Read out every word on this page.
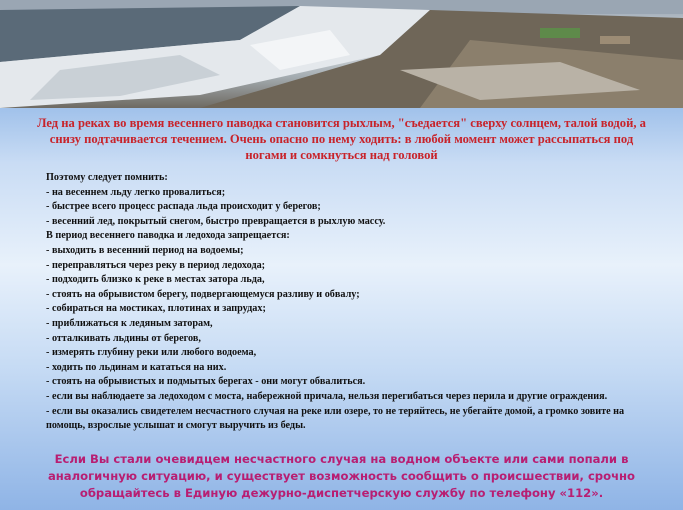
Лед на реках во время весеннего паводка становится рыхлым, "съедается" сверху солнцем, талой водой, а снизу подтачивается течением. Очень опасно по нему ходить: в любой момент может рассыпаться под ногами и сомкнуться над головой
Поэтому следует помнить:
- на весеннем льду легко провалиться;
- быстрее всего процесс распада льда происходит у берегов;
- весенний лед, покрытый снегом, быстро превращается в рыхлую массу.
В период весеннего паводка и ледохода запрещается:
- выходить в весенний период на водоемы;
- переправляться через реку в период ледохода;
- подходить близко к реке в местах затора льда,
- стоять на обрывистом берегу, подвергающемуся разливу и обвалу;
- собираться на мостиках, плотинах и запрудах;
- приближаться к ледяным заторам,
- отталкивать льдины от берегов,
- измерять глубину реки или любого водоема,
- ходить по льдинам и кататься на них.
- стоять на обрывистых и подмытых берегах - они могут обвалиться.
- если вы наблюдаете за ледоходом с моста, набережной причала, нельзя перегибаться через перила и другие ограждения.
- если вы оказались свидетелем несчастного случая на реке или озере, то не теряйтесь, не убегайте домой, а громко зовите на помощь, взрослые услышат и смогут выручить из беды.
Если Вы стали очевидцем несчастного случая на водном объекте или сами попали в аналогичную ситуацию, и существует возможность сообщить о происшествии, срочно обращайтесь в Единую дежурно-диспетчерскую службу по телефону «112».
